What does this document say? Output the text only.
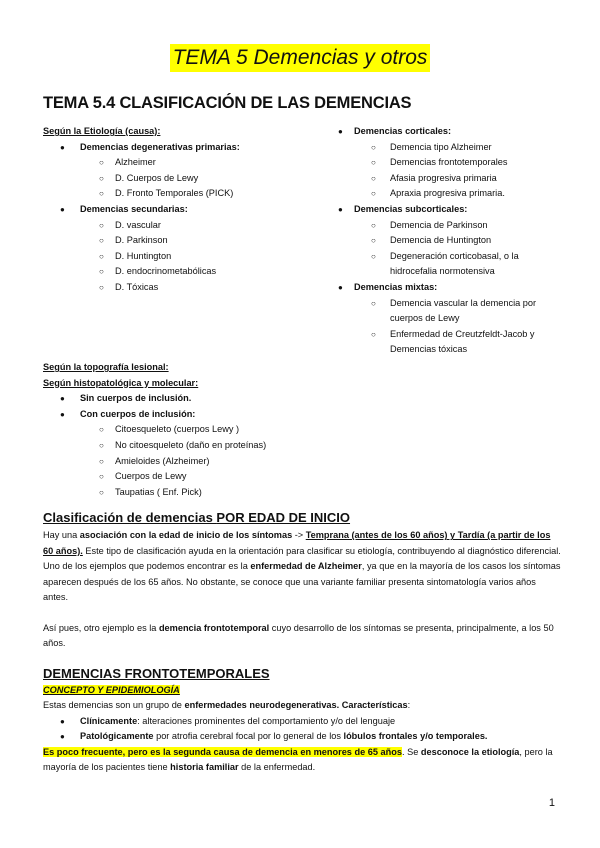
TEMA 5 Demencias y otros
TEMA 5.4 CLASIFICACIÓN DE LAS DEMENCIAS
Según la Etiología (causa):
● Demencias degenerativas primarias:
○ Alzheimer
○ D. Cuerpos de Lewy
○ D. Fronto Temporales (PICK)
● Demencias secundarias:
○ D. vascular
○ D. Parkinson
○ D. Huntington
○ D. endocrinometabólicas
○ D. Tóxicas
● Demencias corticales:
○ Demencia tipo Alzheimer
○ Demencias frontotemporales
○ Afasia progresiva primaria
○ Apraxia progresiva primaria.
● Demencias subcorticales:
○ Demencia de Parkinson
○ Demencia de Huntington
○ Degeneración corticobasal, o la hidrocefalia normotensiva
● Demencias mixtas:
○ Demencia vascular la demencia por cuerpos de Lewy
○ Enfermedad de Creutzfeldt-Jacob y Demencias tóxicas
Según la topografía lesional:
Según histopatológica y molecular:
● Sin cuerpos de inclusión.
● Con cuerpos de inclusión:
○ Citoesqueleto (cuerpos Lewy )
○ No citoesqueleto (daño en proteínas)
○ Amieloides (Alzheimer)
○ Cuerpos de Lewy
○ Taupatias ( Enf. Pick)
Clasificación de demencias POR EDAD DE INICIO
Hay una asociación con la edad de inicio de los síntomas -> Temprana (antes de los 60 años) y Tardía (a partir de los 60 años). Este tipo de clasificación ayuda en la orientación para clasificar su etiología, contribuyendo al diagnóstico diferencial.
Uno de los ejemplos que podemos encontrar es la enfermedad de Alzheimer, ya que en la mayoría de los casos los síntomas aparecen después de los 65 años. No obstante, se conoce que una variante familiar presenta sintomatología varios años antes.
Así pues, otro ejemplo es la demencia frontotemporal cuyo desarrollo de los síntomas se presenta, principalmente, a los 50 años.
DEMENCIAS FRONTOTEMPORALES
CONCEPTO Y EPIDEMIOLOGÍA
Estas demencias son un grupo de enfermedades neurodegenerativas. Características:
● Clínicamente: alteraciones prominentes del comportamiento y/o del lenguaje
● Patológicamente por atrofia cerebral focal por lo general de los lóbulos frontales y/o temporales.
Es poco frecuente, pero es la segunda causa de demencia en menores de 65 años. Se desconoce la etiología, pero la mayoría de los pacientes tiene historia familiar de la enfermedad.
1
